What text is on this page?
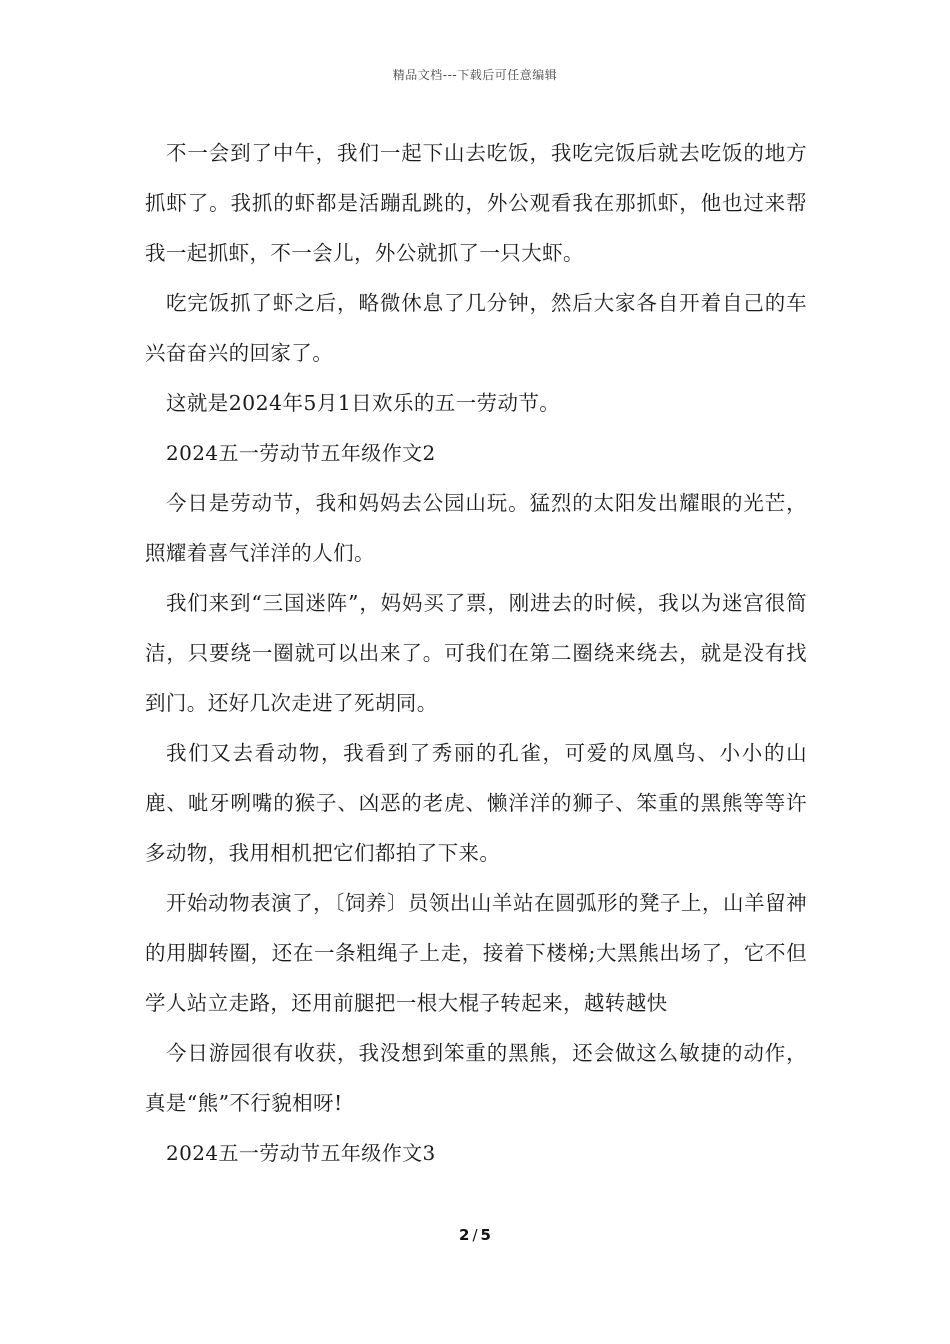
精品文档---下载后可任意编辑

不一会到了中午，我们一起下山去吃饭，我吃完饭后就去吃饭的地方抓虾了。我抓的虾都是活蹦乱跳的，外公观看我在那抓虾，他也过来帮我一起抓虾，不一会儿，外公就抓了一只大虾。

吃完饭抓了虾之后，略微休息了几分钟，然后大家各自开着自己的车兴奋奋兴的回家了。

这就是2024年5月1日欢乐的五一劳动节。

2024五一劳动节五年级作文2

今日是劳动节，我和妈妈去公园山玩。猛烈的太阳发出耀眼的光芒，照耀着喜气洋洋的人们。

我们来到“三国迷阵”，妈妈买了票，刚进去的时候，我以为迷宫很简洁，只要绕一圈就可以出来了。可我们在第二圈绕来绕去，就是没有找到门。还好几次走进了死胡同。

我们又去看动物，我看到了秀丽的孔雀，可爱的凤凰鸟、小小的山鹿、呲牙咧嘴的猴子、凶恶的老虎、懒洋洋的狮子、笨重的黑熊等等许多动物，我用相机把它们都拍了下来。

开始动物表演了，〔饲养〕员领出山羊站在圆弧形的凳子上，山羊留神的用脚转圈，还在一条粗绳子上走，接着下楼梯;大黑熊出场了，它不但学人站立走路，还用前腿把一根大棍子转起来，越转越快

今日游园很有收获，我没想到笨重的黑熊，还会做这么敏捷的动作，真是“熊”不行貌相呀!

2024五一劳动节五年级作文3

2 / 5
